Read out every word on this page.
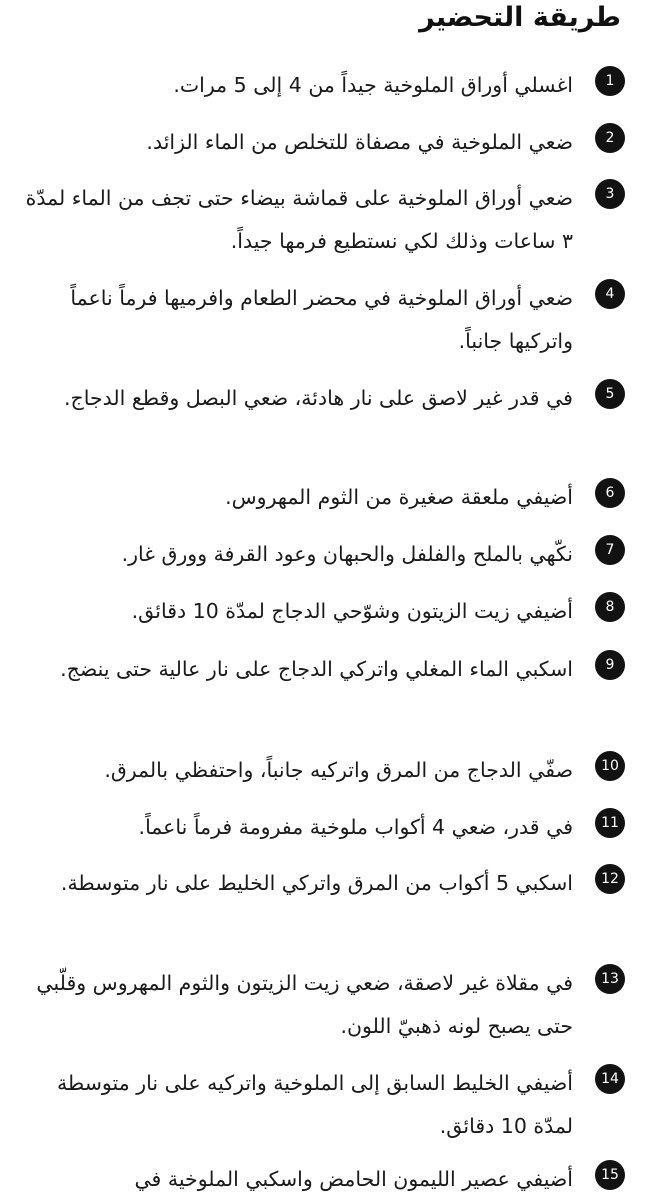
طريقة التحضير
1
اغسلي أوراق الملوخية جيداً من 4 إلى 5 مرات.
2
ضعي الملوخية في مصفاة للتخلص من الماء الزائد.
3
ضعي أوراق الملوخية على قماشة بيضاء حتى تجف من الماء لمدّة ٣ ساعات وذلك لكي نستطيع فرمها جيداً.
4
ضعي أوراق الملوخية في محضر الطعام وافرميها فرماً ناعماً واتركيها جانباً.
5
في قدر غير لاصق على نار هادئة، ضعي البصل وقطع الدجاج.
6
أضيفي ملعقة صغيرة من الثوم المهروس.
7
نكّهي بالملح والفلفل والحبهان وعود القرفة وورق غار.
8
أضيفي زيت الزيتون وشوّحي الدجاج لمدّة 10 دقائق.
9
اسكبي الماء المغلي واتركي الدجاج على نار عالية حتى ينضج.
10
صفّي الدجاج من المرق واتركيه جانباً، واحتفظي بالمرق.
11
في قدر، ضعي 4 أكواب ملوخية مفرومة فرماً ناعماً.
12
اسكبي 5 أكواب من المرق واتركي الخليط على نار متوسطة.
13
في مقلاة غير لاصقة، ضعي زيت الزيتون والثوم المهروس وقلّبي حتى يصبح لونه ذهبيّ اللون.
14
أضيفي الخليط السابق إلى الملوخية واتركيه على نار متوسطة لمدّة 10 دقائق.
15
أضيفي عصير الليمون الحامض واسكبي الملوخية في
